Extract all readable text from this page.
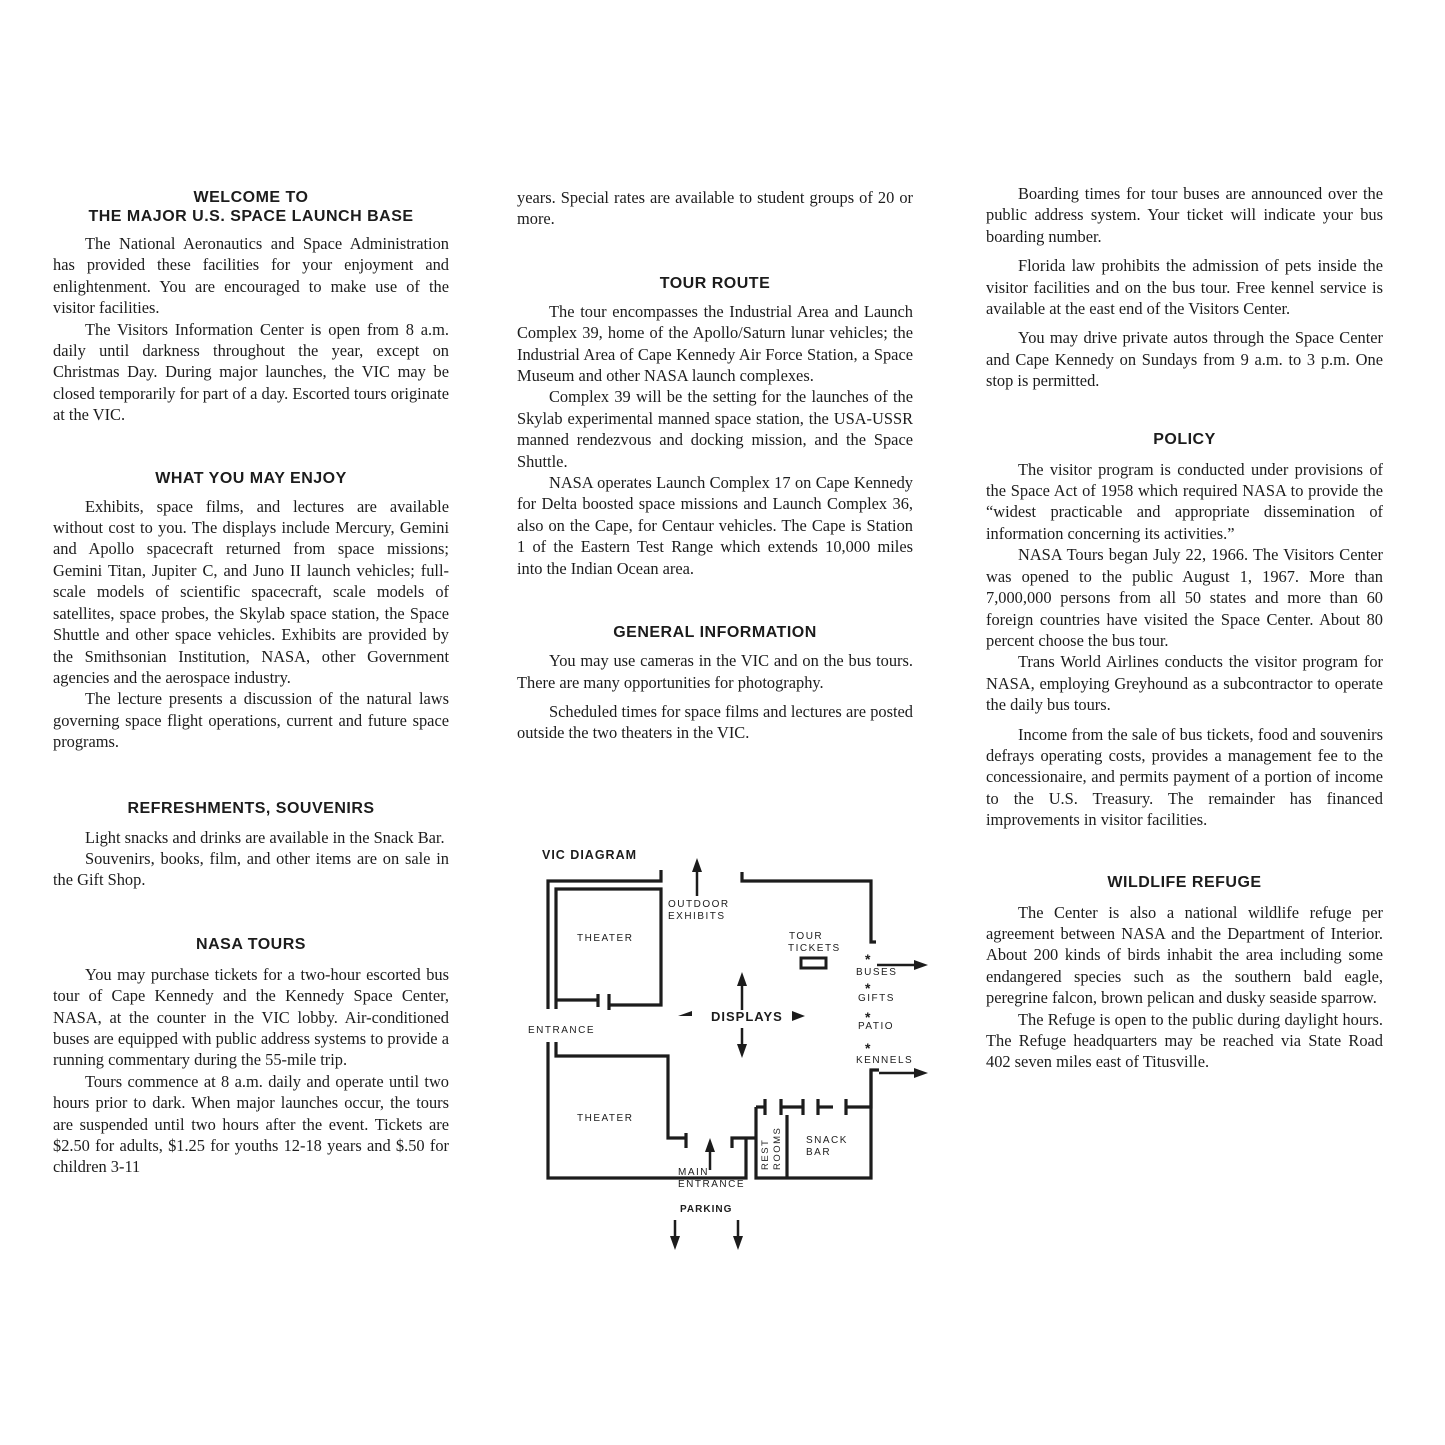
WELCOME TO
THE MAJOR U.S. SPACE LAUNCH BASE

The National Aeronautics and Space Administration has provided these facilities for your enjoyment and enlightenment. You are encouraged to make use of the visitor facilities.

The Visitors Information Center is open from 8 a.m. daily until darkness throughout the year, except on Christmas Day. During major launches, the VIC may be closed temporarily for part of a day. Escorted tours originate at the VIC.

WHAT YOU MAY ENJOY

Exhibits, space films, and lectures are available without cost to you. The displays include Mercury, Gemini and Apollo spacecraft returned from space missions; Gemini Titan, Jupiter C, and Juno II launch vehicles; full-scale models of scientific spacecraft, scale models of satellites, space probes, the Skylab space station, the Space Shuttle and other space vehicles. Exhibits are provided by the Smithsonian Institution, NASA, other Government agencies and the aerospace industry.

The lecture presents a discussion of the natural laws governing space flight operations, current and future space programs.

REFRESHMENTS, SOUVENIRS

Light snacks and drinks are available in the Snack Bar.

Souvenirs, books, film, and other items are on sale in the Gift Shop.

NASA TOURS

You may purchase tickets for a two-hour escorted bus tour of Cape Kennedy and the Kennedy Space Center, NASA, at the counter in the VIC lobby. Air-conditioned buses are equipped with public address systems to provide a running commentary during the 55-mile trip.

Tours commence at 8 a.m. daily and operate until two hours prior to dark. When major launches occur, the tours are suspended until two hours after the event. Tickets are $2.50 for adults, $1.25 for youths 12-18 years and $.50 for children 3-11

years. Special rates are available to student groups of 20 or more.

TOUR ROUTE

The tour encompasses the Industrial Area and Launch Complex 39, home of the Apollo/Saturn lunar vehicles; the Industrial Area of Cape Kennedy Air Force Station, a Space Museum and other NASA launch complexes.

Complex 39 will be the setting for the launches of the Skylab experimental manned space station, the USA-USSR manned rendezvous and docking mission, and the Space Shuttle.

NASA operates Launch Complex 17 on Cape Kennedy for Delta boosted space missions and Launch Complex 36, also on the Cape, for Centaur vehicles. The Cape is Station 1 of the Eastern Test Range which extends 10,000 miles into the Indian Ocean area.

GENERAL INFORMATION

You may use cameras in the VIC and on the bus tours. There are many opportunities for photography.

Scheduled times for space films and lectures are posted outside the two theaters in the VIC.

VIC DIAGRAM
THEATER
THEATER
OUTDOOR
EXHIBITS
TOUR
TICKETS
DISPLAYS
ENTRANCE
BUSES
GIFTS
PATIO
KENNELS
REST ROOMS SNACK
BAR
MAIN
ENTRANCE
PARKING
*
*
*
*

Boarding times for tour buses are announced over the public address system. Your ticket will indicate your bus boarding number.

Florida law prohibits the admission of pets inside the visitor facilities and on the bus tour. Free kennel service is available at the east end of the Visitors Center.

You may drive private autos through the Space Center and Cape Kennedy on Sundays from 9 a.m. to 3 p.m. One stop is permitted.

POLICY

The visitor program is conducted under provisions of the Space Act of 1958 which required NASA to provide the “widest practicable and appropriate dissemination of information concerning its activities.”

NASA Tours began July 22, 1966. The Visitors Center was opened to the public August 1, 1967. More than 7,000,000 persons from all 50 states and more than 60 foreign countries have visited the Space Center. About 80 percent choose the bus tour.

Trans World Airlines conducts the visitor program for NASA, employing Greyhound as a subcontractor to operate the daily bus tours.

Income from the sale of bus tickets, food and souvenirs defrays operating costs, provides a management fee to the concessionaire, and permits payment of a portion of income to the U.S. Treasury. The remainder has financed improvements in visitor facilities.

WILDLIFE REFUGE

The Center is also a national wildlife refuge per agreement between NASA and the Department of Interior. About 200 kinds of birds inhabit the area including some endangered species such as the southern bald eagle, peregrine falcon, brown pelican and dusky seaside sparrow.

The Refuge is open to the public during daylight hours. The Refuge headquarters may be reached via State Road 402 seven miles east of Titusville.
